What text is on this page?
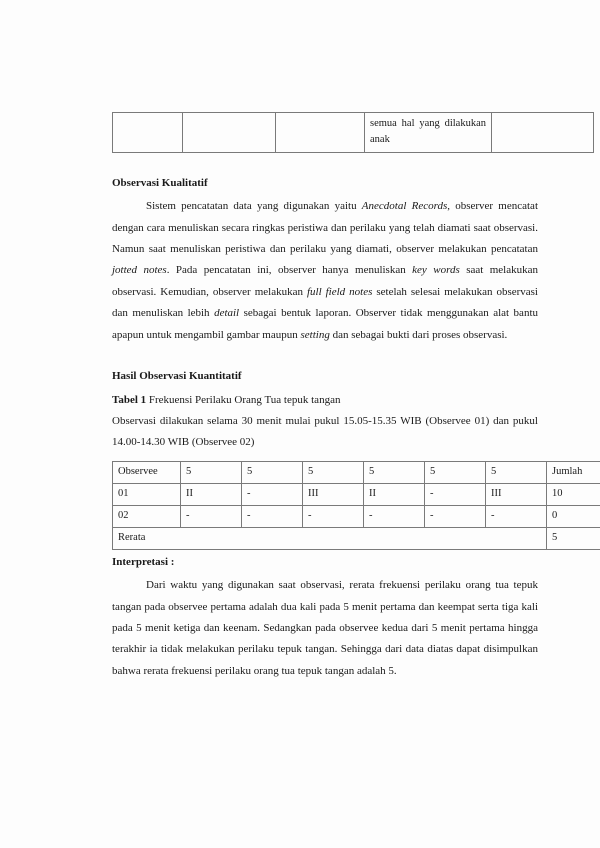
			semua hal yang dilakukan anak	
Observasi Kualitatif

Sistem pencatatan data yang digunakan yaitu Anecdotal Records, observer mencatat dengan cara menuliskan secara ringkas peristiwa dan perilaku yang telah diamati saat observasi. Namun saat menuliskan peristiwa dan perilaku yang diamati, observer melakukan pencatatan jotted notes. Pada pencatatan ini, observer hanya menuliskan key words saat melakukan observasi. Kemudian, observer melakukan full field notes setelah selesai melakukan observasi dan menuliskan lebih detail sebagai bentuk laporan. Observer tidak menggunakan alat bantu apapun untuk mengambil gambar maupun setting dan sebagai bukti dari proses observasi.

Hasil Observasi Kuantitatif

Tabel 1 Frekuensi Perilaku Orang Tua tepuk tangan

Observasi dilakukan selama 30 menit mulai pukul 15.05-15.35 WIB (Observee 01) dan pukul 14.00-14.30 WIB (Observee 02)

Observee	5	5	5	5	5	5	Jumlah
01	II	-	III	II	-	III	10
02	-	-	-	-	-	-	0
Rerata							5
Interpretasi :

Dari waktu yang digunakan saat observasi, rerata frekuensi perilaku orang tua tepuk tangan pada observee pertama adalah dua kali pada 5 menit pertama dan keempat serta tiga kali pada 5 menit ketiga dan keenam. Sedangkan pada observee kedua dari 5 menit pertama hingga terakhir ia tidak melakukan perilaku tepuk tangan. Sehingga dari data diatas dapat disimpulkan bahwa rerata frekuensi perilaku orang tua tepuk tangan adalah 5.
